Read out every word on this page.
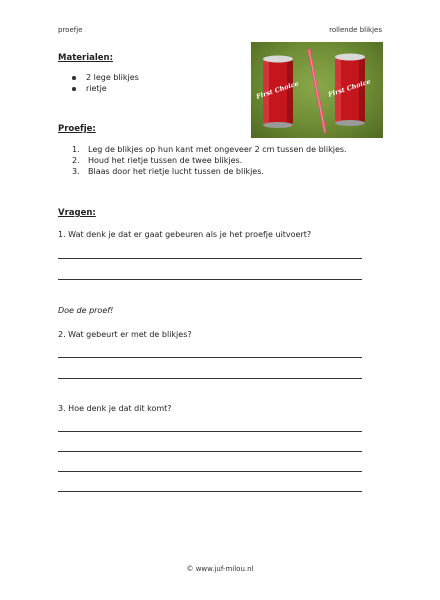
proefje	rollende blikjes
Materialen:
2 lege blikjes
rietje	First Choice	First Choice
Proefje:
1.	Leg de blikjes op hun kant met ongeveer 2 cm tussen de blikjes.
2.	Houd het rietje tussen de twee blikjes.
3.	Blaas door het rietje lucht tussen de blikjes.
Vragen:
1. Wat denk je dat er gaat gebeuren als je het proefje uitvoert?
Doe de proef!
2. Wat gebeurt er met de blikjes?
3. Hoe denk je dat dit komt?
© www.juf-milou.nl
